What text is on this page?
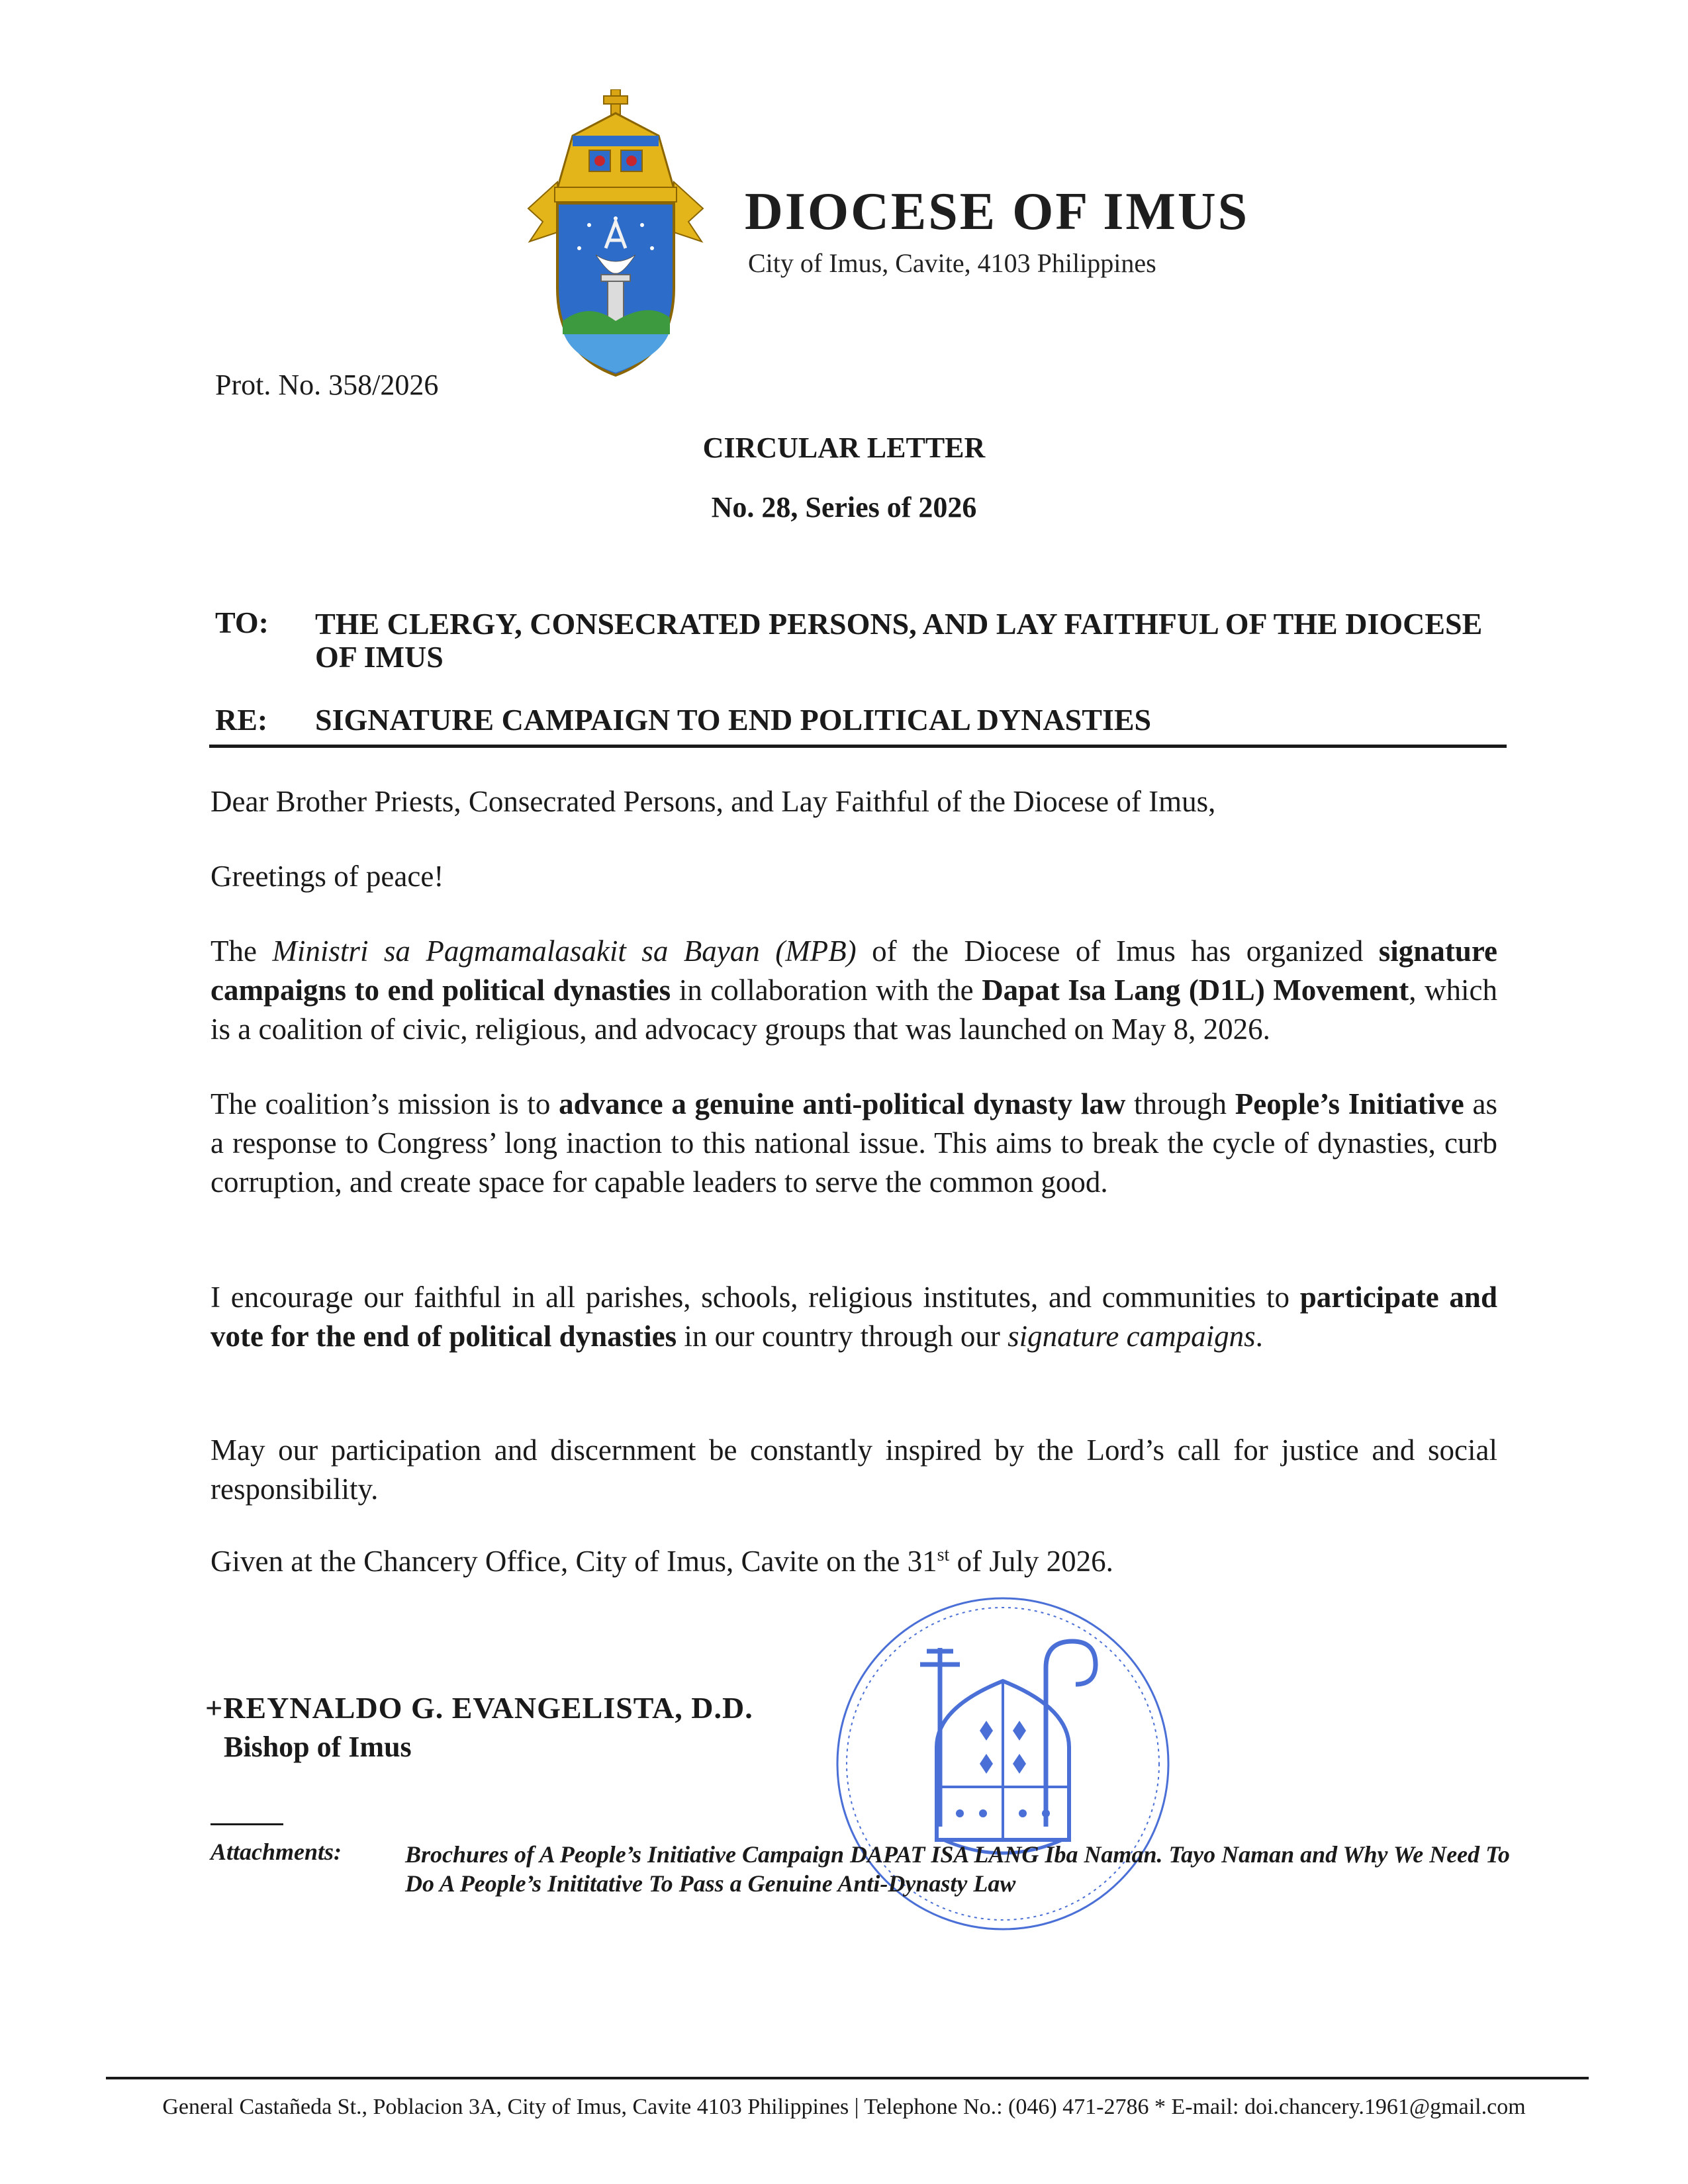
DIOCESE OF IMUS
City of Imus, Cavite, 4103 Philippines
Prot. No. 358/2026
CIRCULAR LETTER
No. 28, Series of 2026
TO: THE CLERGY, CONSECRATED PERSONS, AND LAY FAITHFUL OF THE DIOCESE OF IMUS
RE: SIGNATURE CAMPAIGN TO END POLITICAL DYNASTIES
Dear Brother Priests, Consecrated Persons, and Lay Faithful of the Diocese of Imus,
Greetings of peace!
The Ministri sa Pagmamalasakit sa Bayan (MPB) of the Diocese of Imus has organized signature campaigns to end political dynasties in collaboration with the Dapat Isa Lang (D1L) Movement, which is a coalition of civic, religious, and advocacy groups that was launched on May 8, 2026.
The coalition’s mission is to advance a genuine anti-political dynasty law through People’s Initiative as a response to Congress’ long inaction to this national issue. This aims to break the cycle of dynasties, curb corruption, and create space for capable leaders to serve the common good.
I encourage our faithful in all parishes, schools, religious institutes, and communities to participate and vote for the end of political dynasties in our country through our signature campaigns.
May our participation and discernment be constantly inspired by the Lord’s call for justice and social responsibility.
Given at the Chancery Office, City of Imus, Cavite on the 31st of July 2026.
+REYNALDO G. EVANGELISTA, D.D.
Bishop of Imus
Attachments:	Brochures of A People’s Initiative Campaign DAPAT ISA LANG Iba Naman. Tayo Naman and Why We Need To Do A People’s Inititative To Pass a Genuine Anti-Dynasty Law
General Castañeda St., Poblacion 3A, City of Imus, Cavite 4103 Philippines | Telephone No.: (046) 471-2786 * E-mail: doi.chancery.1961@gmail.com
